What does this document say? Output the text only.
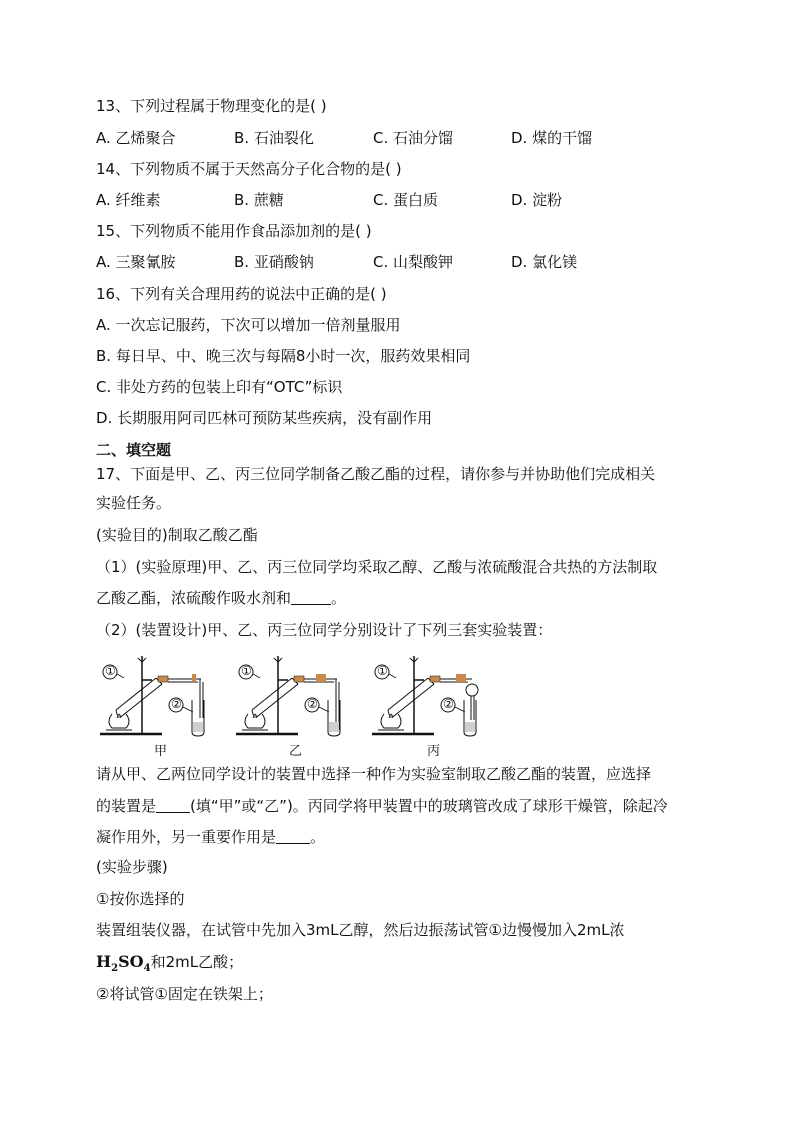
13、下列过程属于物理变化的是( )
A. 乙烯聚合	B. 石油裂化	C. 石油分馏	D. 煤的干馏
14、下列物质不属于天然高分子化合物的是( )
A. 纤维素	B. 蔗糖	C. 蛋白质	D. 淀粉
15、下列物质不能用作食品添加剂的是( )
A. 三聚氰胺	B. 亚硝酸钠	C. 山梨酸钾	D. 氯化镁
16、下列有关合理用药的说法中正确的是( )
A. 一次忘记服药，下次可以增加一倍剂量服用
B. 每日早、中、晚三次与每隔8小时一次，服药效果相同
C. 非处方药的包装上印有“OTC”标识
D. 长期服用阿司匹林可预防某些疾病，没有副作用
二、填空题
17、下面是甲、乙、丙三位同学制备乙酸乙酯的过程，请你参与并协助他们完成相关
实验任务。
(实验目的)制取乙酸乙酯
（1）(实验原理)甲、乙、丙三位同学均采取乙醇、乙酸与浓硫酸混合共热的方法制取
乙酸乙酯，浓硫酸作吸水剂和	。
（2）(装置设计)甲、乙、丙三位同学分别设计了下列三套实验装置：
①
②
甲
①
②
乙
①
②
丙
请从甲、乙两位同学设计的装置中选择一种作为实验室制取乙酸乙酯的装置，应选择
的装置是 (填“甲”或“乙”)。丙同学将甲装置中的玻璃管改成了球形干燥管，除起冷
凝作用外，另一重要作用是 。
(实验步骤)
①按你选择的
装置组装仪器，在试管中先加入3mL乙醇，然后边振荡试管①边慢慢加入2mL浓
$H_2SO_4$和2mL乙酸；
②将试管①固定在铁架上；
